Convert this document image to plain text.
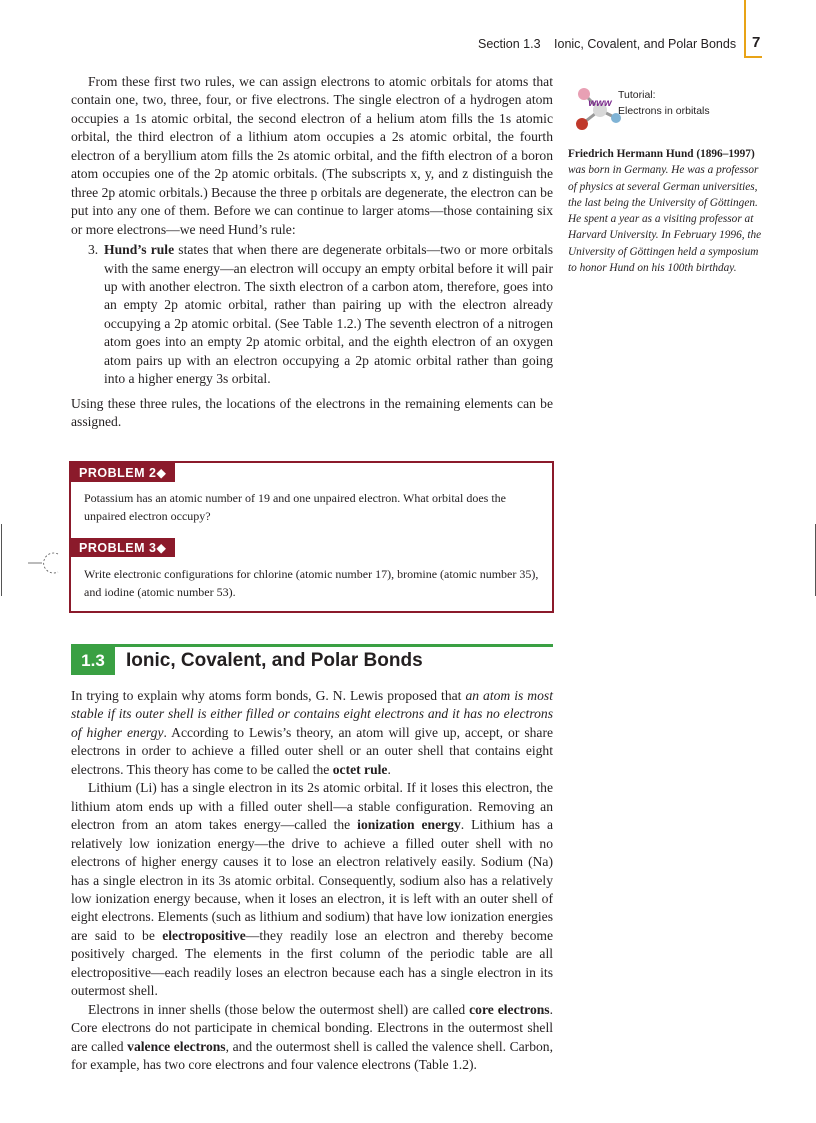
Section 1.3 Ionic, Covalent, and Polar Bonds 7
www
Tutorial:
Electrons in orbitals
Friedrich Hermann Hund (1896–1997) was born in Germany. He was a professor of physics at several German universities, the last being the University of Göttingen. He spent a year as a visiting professor at Harvard University. In February 1996, the University of Göttingen held a symposium to honor Hund on his 100th birthday.

From these first two rules, we can assign electrons to atomic orbitals for atoms that contain one, two, three, four, or five electrons. The single electron of a hydrogen atom occupies a 1s atomic orbital, the second electron of a helium atom fills the 1s atomic orbital, the third electron of a lithium atom occupies a 2s atomic orbital, the fourth electron of a beryllium atom fills the 2s atomic orbital, and the fifth electron of a boron atom occupies one of the 2p atomic orbitals. (The subscripts x, y, and z distinguish the three 2p atomic orbitals.) Because the three p orbitals are degenerate, the electron can be put into any one of them. Before we can continue to larger atoms—those containing six or more electrons—we need Hund’s rule:

3. Hund’s rule states that when there are degenerate orbitals—two or more orbitals with the same energy—an electron will occupy an empty orbital before it will pair up with another electron. The sixth electron of a carbon atom, therefore, goes into an empty 2p atomic orbital, rather than pairing up with the electron already occupying a 2p atomic orbital. (See Table 1.2.) The seventh electron of a nitrogen atom goes into an empty 2p atomic orbital, and the eighth electron of an oxygen atom pairs up with an electron occupying a 2p atomic orbital rather than going into a higher energy 3s orbital.

Using these three rules, the locations of the electrons in the remaining elements can be assigned.

PROBLEM 2◆
Potassium has an atomic number of 19 and one unpaired electron. What orbital does the unpaired electron occupy?
PROBLEM 3◆
Write electronic configurations for chlorine (atomic number 17), bromine (atomic number 35), and iodine (atomic number 53).
1.3	Ionic, Covalent, and Polar Bonds

In trying to explain why atoms form bonds, G. N. Lewis proposed that an atom is most stable if its outer shell is either filled or contains eight electrons and it has no electrons of higher energy. According to Lewis’s theory, an atom will give up, accept, or share electrons in order to achieve a filled outer shell or an outer shell that contains eight electrons. This theory has come to be called the octet rule.

Lithium (Li) has a single electron in its 2s atomic orbital. If it loses this electron, the lithium atom ends up with a filled outer shell—a stable configuration. Removing an electron from an atom takes energy—called the ionization energy. Lithium has a relatively low ionization energy—the drive to achieve a filled outer shell with no electrons of higher energy causes it to lose an electron relatively easily. Sodium (Na) has a single electron in its 3s atomic orbital. Consequently, sodium also has a relatively low ionization energy because, when it loses an electron, it is left with an outer shell of eight electrons. Elements (such as lithium and sodium) that have low ionization energies are said to be electropositive—they readily lose an electron and thereby become positively charged. The elements in the first column of the periodic table are all electropositive—each readily loses an electron because each has a single electron in its outermost shell.

Electrons in inner shells (those below the outermost shell) are called core electrons. Core electrons do not participate in chemical bonding. Electrons in the outermost shell are called valence electrons, and the outermost shell is called the valence shell. Carbon, for example, has two core electrons and four valence electrons (Table 1.2).
